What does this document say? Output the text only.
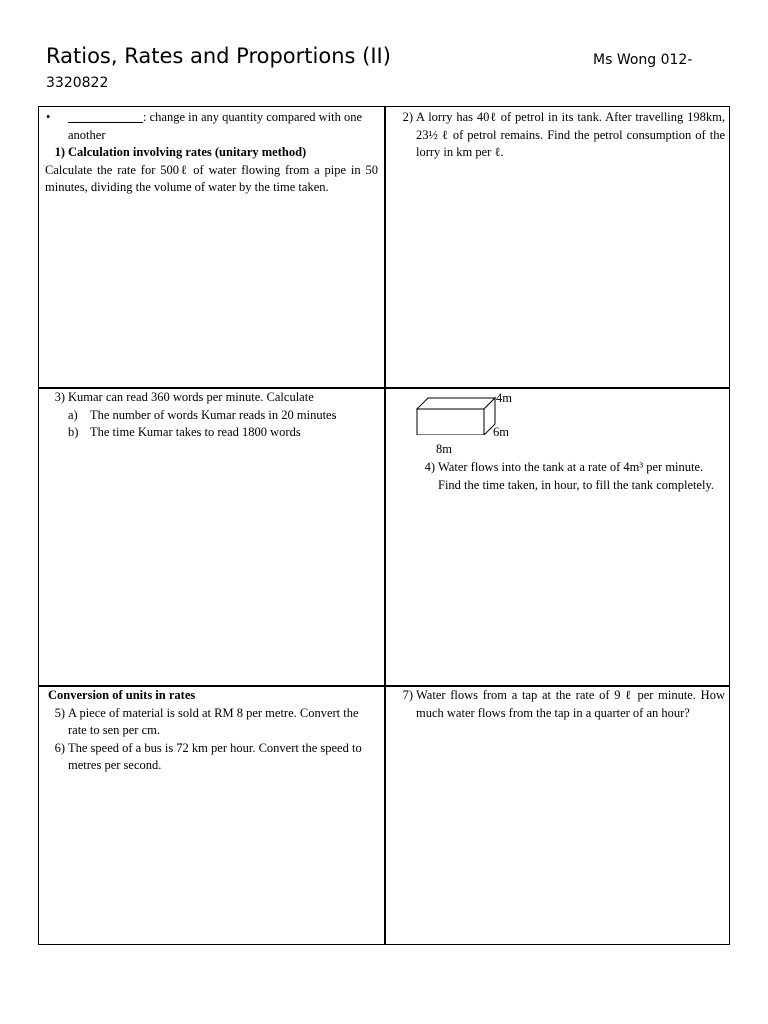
Ratios, Rates and Proportions (II)	Ms Wong 012-
3320822
• ____________: change in any quantity compared with one another
1) Calculation involving rates (unitary method)
Calculate the rate for 500ℓ of water flowing from a pipe in 50 minutes, dividing the volume of water by the time taken.
2) A lorry has 40ℓ of petrol in its tank. After travelling 198km, 23½ ℓ of petrol remains. Find the petrol consumption of the lorry in km per ℓ.
3) Kumar can read 360 words per minute. Calculate
a) The number of words Kumar reads in 20 minutes
b) The time Kumar takes to read 1800 words
4m
6m
8m
4) Water flows into the tank at a rate of 4m³ per minute. Find the time taken, in hour, to fill the tank completely.
Conversion of units in rates
5) A piece of material is sold at RM 8 per metre. Convert the rate to sen per cm.
6) The speed of a bus is 72 km per hour. Convert the speed to metres per second.
7) Water flows from a tap at the rate of 9 ℓ per minute. How much water flows from the tap in a quarter of an hour?
